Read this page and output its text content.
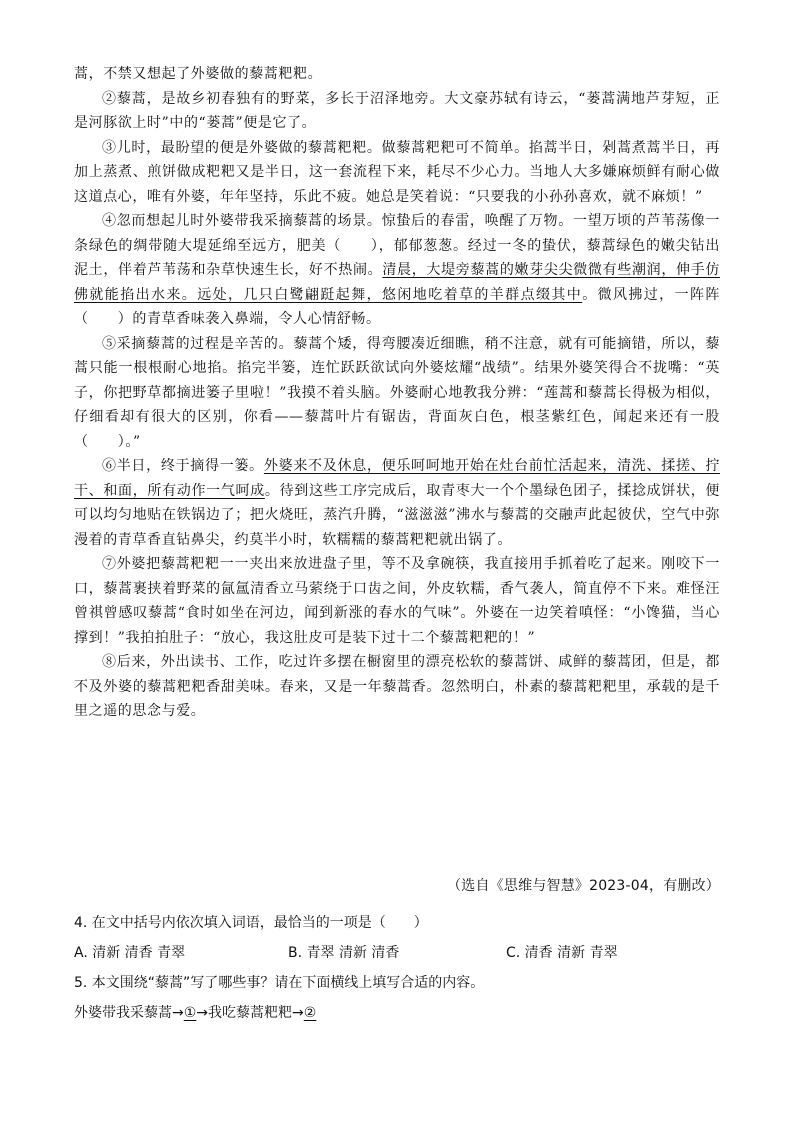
蒿，不禁又想起了外婆做的藜蒿粑粑。

②藜蒿，是故乡初春独有的野菜，多长于沼泽地旁。大文豪苏轼有诗云，“蒌蒿满地芦芽短，正是河豚欲上时”中的“蒌蒿”便是它了。

③儿时，最盼望的便是外婆做的藜蒿粑粑。做藜蒿粑粑可不简单。掐蒿半日，剁蒿煮蒿半日，再加上蒸煮、煎饼做成粑粑又是半日，这一套流程下来，耗尽不少心力。当地人大多嫌麻烦鲜有耐心做这道点心，唯有外婆，年年坚持，乐此不疲。她总是笑着说：“只要我的小孙孙喜欢，就不麻烦！”

④忽而想起儿时外婆带我采摘藜蒿的场景。惊蛰后的春雷，唤醒了万物。一望万顷的芦苇荡像一条绿色的绸带随大堤延绵至远方，肥美（　　），郁郁葱葱。经过一冬的蛰伏，藜蒿绿色的嫩尖钻出泥土，伴着芦苇荡和杂草快速生长，好不热闹。清晨，大堤旁藜蒿的嫩芽尖尖微微有些潮润，伸手仿佛就能掐出水来。远处，几只白鹭翩跹起舞，悠闲地吃着草的羊群点缀其中。微风拂过，一阵阵（　　）的青草香味袭入鼻端，令人心情舒畅。

⑤采摘藜蒿的过程是辛苦的。藜蒿个矮，得弯腰凑近细瞧，稍不注意，就有可能摘错，所以，藜蒿只能一根根耐心地掐。掐完半篓，连忙跃跃欲试向外婆炫耀“战绩”。结果外婆笑得合不拢嘴：“英子，你把野草都摘进篓子里啦！”我摸不着头脑。外婆耐心地教我分辨：“莲蒿和藜蒿长得极为相似，仔细看却有很大的区别，你看——藜蒿叶片有锯齿，背面灰白色，根茎紫红色，闻起来还有一股（　　）。”

⑥半日，终于摘得一篓。外婆来不及休息，便乐呵呵地开始在灶台前忙活起来，清洗、揉搓、拧干、和面，所有动作一气呵成。待到这些工序完成后，取青枣大一个个墨绿色团子，揉捻成饼状，便可以均匀地贴在铁锅边了；把火烧旺，蒸汽升腾，“滋滋滋”沸水与藜蒿的交融声此起彼伏，空气中弥漫着的青草香直钻鼻尖，约莫半小时，软糯糯的藜蒿粑粑就出锅了。

⑦外婆把藜蒿粑粑一一夹出来放进盘子里，等不及拿碗筷，我直接用手抓着吃了起来。刚咬下一口，藜蒿裹挟着野菜的氤氲清香立马萦绕于口齿之间，外皮软糯，香气袭人，简直停不下来。难怪汪曾祺曾感叹藜蒿“食时如坐在河边，闻到新涨的春水的气味”。外婆在一边笑着嗔怪：“小馋猫，当心撑到！”我拍拍肚子：“放心，我这肚皮可是装下过十二个藜蒿粑粑的！”

⑧后来，外出读书、工作，吃过许多摆在橱窗里的漂亮松软的藜蒿饼、咸鲜的藜蒿团，但是，都不及外婆的藜蒿粑粑香甜美味。春来，又是一年藜蒿香。忽然明白，朴素的藜蒿粑粑里，承载的是千里之遥的思念与爱。

（选自《思维与智慧》2023-04，有删改）
4. 在文中括号内依次填入词语，最恰当的一项是（　　）
A. 清新 清香 青翠	B. 青翠 清新 清香	C. 清香 清新 青翠
5. 本文围绕“藜蒿”写了哪些事？请在下面横线上填写合适的内容。
外婆带我采藜蒿→①→我吃藜蒿粑粑→②
